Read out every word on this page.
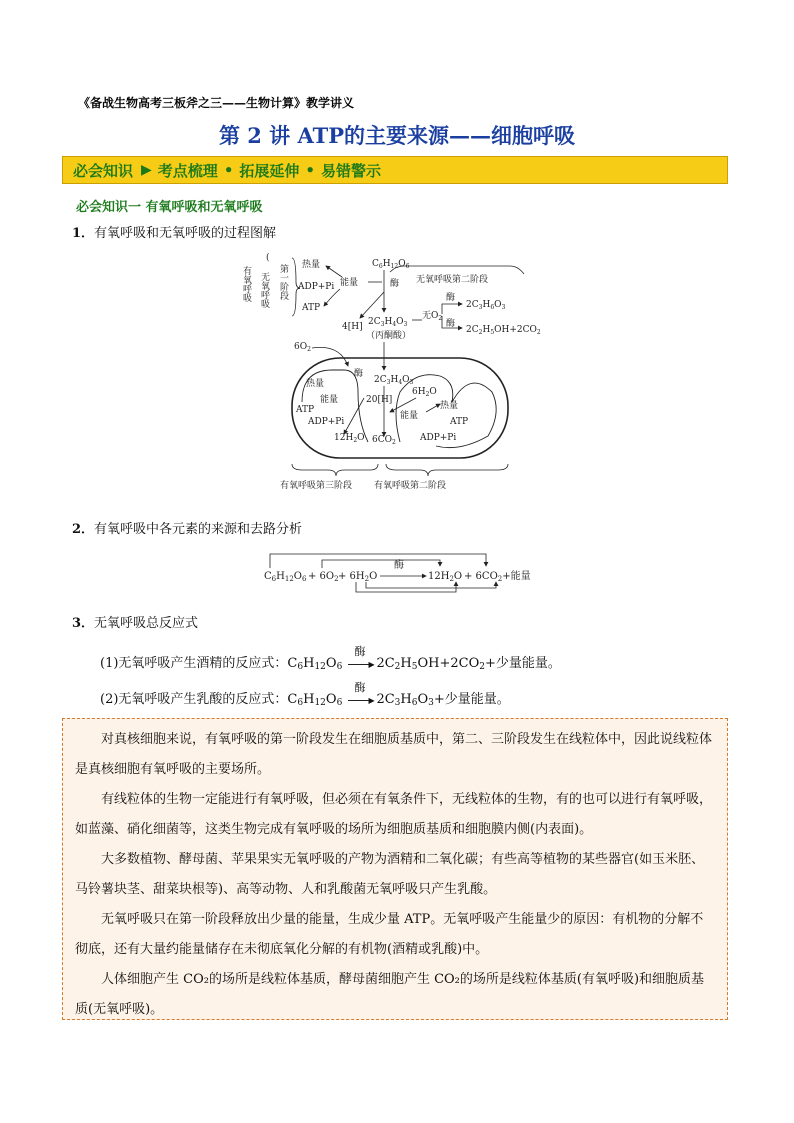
《备战生物高考三板斧之三——生物计算》教学讲义
第 2 讲 ATP的主要来源——细胞呼吸
必会知识 ▶ 考点梳理 • 拓展延伸 • 易错警示
必会知识一 有氧呼吸和无氧呼吸
1．有氧呼吸和无氧呼吸的过程图解
有氧呼吸
(
无氧呼吸 第一阶段 热量
能量
ADP+Pi
ATP
$C_6H_{12}O_6$
酶 无氧呼吸第二阶段
4[H] $2C_3H_4O_3$
（丙酮酸）
无$O_2$
酶
酶
$2C_3H_6O_3$
$2C_2H_5OH+2CO_2$
$6O_2$
$2C_3H_4O_3$
酶
$6H_2O$
20[H]
热量
能量
ATP
ADP+Pi
$12H_2O$
能量
热量
ATP
ADP+Pi
$6CO_2$
有氧呼吸第三阶段 有氧呼吸第二阶段
2．有氧呼吸中各元素的来源和去路分析
$C_6H_{12}O_6 + 6O_2 + 6H_2O$
酶
$12H_2O + 6CO_2+$能量
3．无氧呼吸总反应式
(1)无氧呼吸产生酒精的反应式：C6H12O6
酶
▶ 2C2H5OH+2CO2+少量能量。
(2)无氧呼吸产生乳酸的反应式：C6H12O6
酶
▶ 2C3H6O3+少量能量。

对真核细胞来说，有氧呼吸的第一阶段发生在细胞质基质中，第二、三阶段发生在线粒体中，因此说线粒体是真核细胞有氧呼吸的主要场所。

有线粒体的生物一定能进行有氧呼吸，但必须在有氧条件下，无线粒体的生物，有的也可以进行有氧呼吸，如蓝藻、硝化细菌等，这类生物完成有氧呼吸的场所为细胞质基质和细胞膜内侧(内表面)。

大多数植物、酵母菌、苹果果实无氧呼吸的产物为酒精和二氧化碳；有些高等植物的某些器官(如玉米胚、马铃薯块茎、甜菜块根等)、高等动物、人和乳酸菌无氧呼吸只产生乳酸。

无氧呼吸只在第一阶段释放出少量的能量，生成少量 ATP。无氧呼吸产生能量少的原因：有机物的分解不彻底，还有大量约能量储存在未彻底氧化分解的有机物(酒精或乳酸)中。

人体细胞产生 CO₂的场所是线粒体基质，酵母菌细胞产生 CO₂的场所是线粒体基质(有氧呼吸)和细胞质基质(无氧呼吸)。
